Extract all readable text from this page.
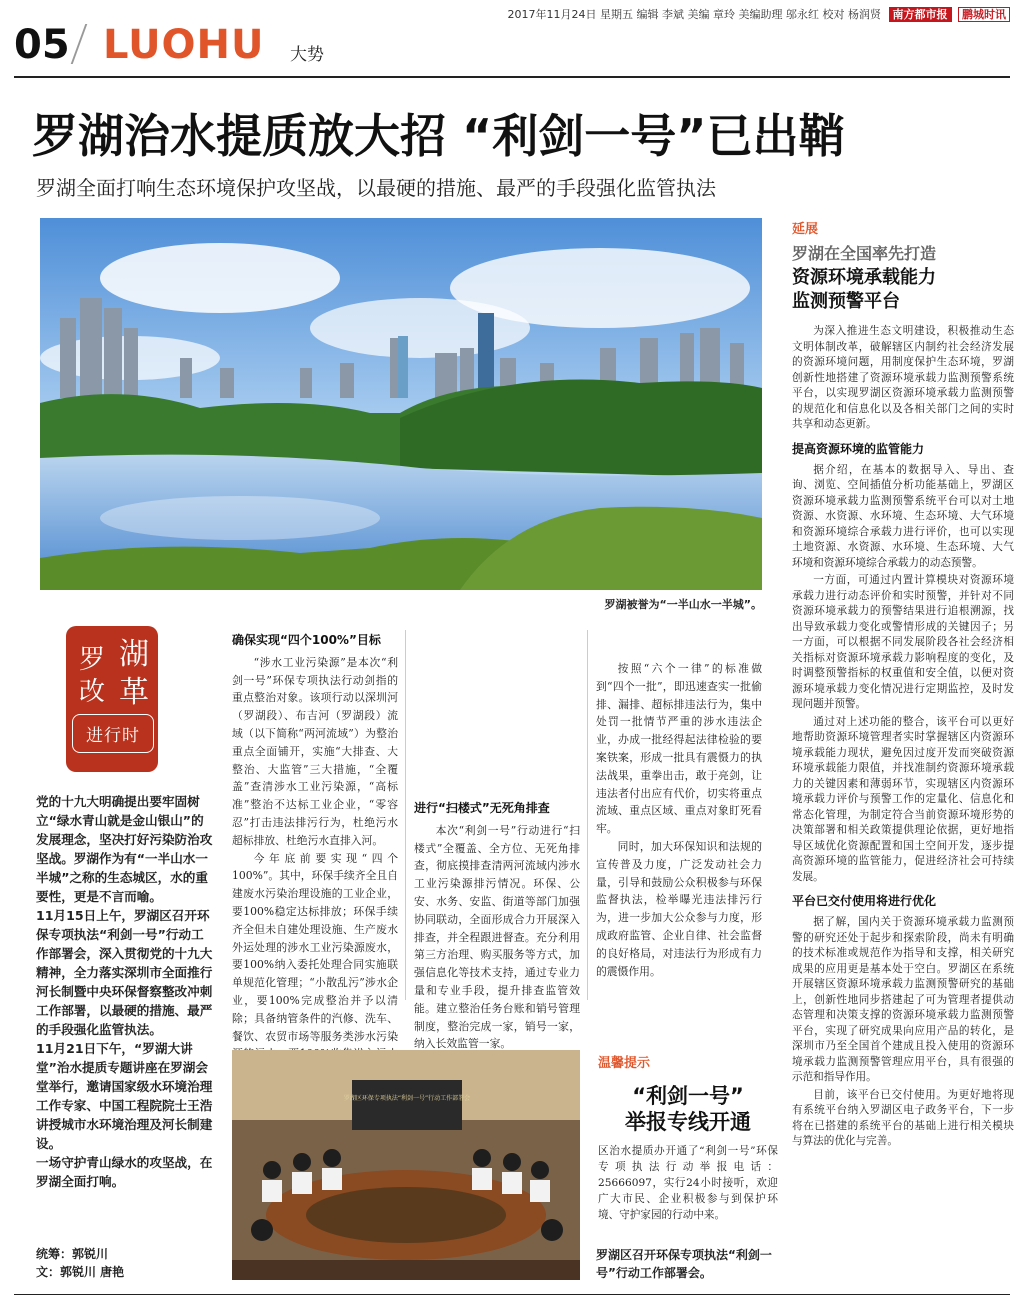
2017年11月24日 星期五 编辑 李斌 美编 章玲 美编助理 邬永红 校对 杨润贤 南方都市报 鹏城时讯
05 LUOHU 大势
罗湖治水提质放大招 “利剑一号”已出鞘
罗湖全面打响生态环境保护攻坚战，以最硬的措施、最严的手段强化监管执法
罗湖被誉为“一半山水一半城”。
延展
罗湖在全国率先打造
资源环境承载能力
监测预警平台

为深入推进生态文明建设，积极推动生态文明体制改革，破解辖区内制约社会经济发展的资源环境问题，用制度保护生态环境，罗湖创新性地搭建了资源环境承载力监测预警系统平台，以实现罗湖区资源环境承载力监测预警的规范化和信息化以及各相关部门之间的实时共享和动态更新。

提高资源环境的监管能力

据介绍，在基本的数据导入、导出、查询、浏览、空间插值分析功能基础上，罗湖区资源环境承载力监测预警系统平台可以对土地资源、水资源、水环境、生态环境、大气环境和资源环境综合承载力进行评价，也可以实现土地资源、水资源、水环境、生态环境、大气环境和资源环境综合承载力的动态预警。

一方面，可通过内置计算模块对资源环境承载力进行动态评价和实时预警，并针对不同资源环境承载力的预警结果进行追根溯源，找出导致承载力变化或警情形成的关键因子；另一方面，可以根据不同发展阶段各社会经济相关指标对资源环境承载力影响程度的变化，及时调整预警指标的权重值和安全值，以便对资源环境承载力变化情况进行定期监控，及时发现问题并预警。

通过对上述功能的整合，该平台可以更好地帮助资源环境管理者实时掌握辖区内资源环境承载能力现状，避免因过度开发而突破资源环境承载能力限值，并找准制约资源环境承载力的关键因素和薄弱环节，实现辖区内资源环境承载力评价与预警工作的定量化、信息化和常态化管理，为制定符合当前资源环境形势的决策部署和相关政策提供理论依据，更好地指导区域优化资源配置和国土空间开发，逐步提高资源环境的监管能力，促进经济社会可持续发展。

平台已交付使用将进行优化

据了解，国内关于资源环境承载力监测预警的研究还处于起步和探索阶段，尚未有明确的技术标准或规范作为指导和支撑，相关研究成果的应用更是基本处于空白。罗湖区在系统开展辖区资源环境承载力监测预警研究的基础上，创新性地同步搭建起了可为管理者提供动态管理和决策支撑的资源环境承载力监测预警平台，实现了研究成果向应用产品的转化，是深圳市乃至全国首个建成且投入使用的资源环境承载力监测预警管理应用平台，具有很强的示范和指导作用。

目前，该平台已交付使用。为更好地将现有系统平台纳入罗湖区电子政务平台，下一步将在已搭建的系统平台的基础上进行相关模块与算法的优化与完善。

湖革
罗改
进行时

党的十九大明确提出要牢固树立“绿水青山就是金山银山”的发展理念，坚决打好污染防治攻坚战。罗湖作为有“一半山水一半城”之称的生态城区，水的重要性，更是不言而喻。

11月15日上午，罗湖区召开环保专项执法“利剑一号”行动工作部署会，深入贯彻党的十九大精神，全力落实深圳市全面推行河长制暨中央环保督察整改冲刺工作部署，以最硬的措施、最严的手段强化监管执法。

11月21日下午，“罗湖大讲堂”治水提质专题讲座在罗湖会堂举行，邀请国家级水环境治理工作专家、中国工程院院士王浩讲授城市水环境治理及河长制建设。

一场守护青山绿水的攻坚战，在罗湖全面打响。

统筹：郭锐川
文：郭锐川 唐艳
确保实现“四个100%”目标

“涉水工业污染源”是本次“利剑一号”环保专项执法行动剑指的重点整治对象。该项行动以深圳河（罗湖段）、布吉河（罗湖段）流域（以下简称“两河流域”）为整治重点全面铺开，实施“大排查、大整治、大监管”三大措施，“全覆盖”查清涉水工业污染源，“高标准”整治不达标工业企业，“零容忍”打击违法排污行为，杜绝污水超标排放、杜绝污水直排入河。

今年底前要实现“四个100%”。其中，环保手续齐全且自建废水污染治理设施的工业企业，要100%稳定达标排放；环保手续齐全但未自建处理设施、生产废水外运处理的涉水工业污染源废水，要100%纳入委托处理合同实施联单规范化管理；“小散乱污”涉水企业，要100%完成整治并予以清除；具备纳管条件的汽修、洗车、餐饮、农贸市场等服务类涉水污染

进行“扫楼式”无死角排查

本次“利剑一号”行动进行“扫楼式”全覆盖、全方位、无死角排查，彻底摸排查清两河流域内涉水工业污染源排污情况。环保、公安、水务、安监、街道等部门加强协同联动，全面形成合力开展深入排查，并全程跟进督查。充分利用第三方治理、购买服务等方式，加强信息化等技术支持，通过专业力量和专业手段，提升排查监管效能。建立整治任务台账和销号管理制度，整治完成一家，销号一家，纳入长效监管一家。

按照“六个一律”的标准做到“四个一批”，即迅速查实一批偷排、漏排、超标排违法行为，集中处罚一批情节严重的涉水违法企业，办成一批经得起法律检验的要案铁案，形成一批具有震慑力的执法战果，重拳出击，敢于亮剑，让违法者付出应有代价，切实将重点流域、重点区域、重点对象盯死看牢。

同时，加大环保知识和法规的宣传普及力度，广泛发动社会力量，引导和鼓励公众积极参与环保监督执法，检举曝光违法排污行为，进一步加大公众参与力度，形成政府监管、企业自律、社会监督的良好格局，对违法行为形成有力的震慑作用。

罗湖区环保专项执法“利剑一号”行动工作部署会
温馨提示
“利剑一号”
举报专线开通
区治水提质办开通了“利剑一号”环保专项执法行动举报电话：25666097，实行24小时接听，欢迎广大市民、企业积极参与到保护环境、守护家园的行动中来。
罗湖区召开环保专项执法“利剑一号”行动工作部署会。
